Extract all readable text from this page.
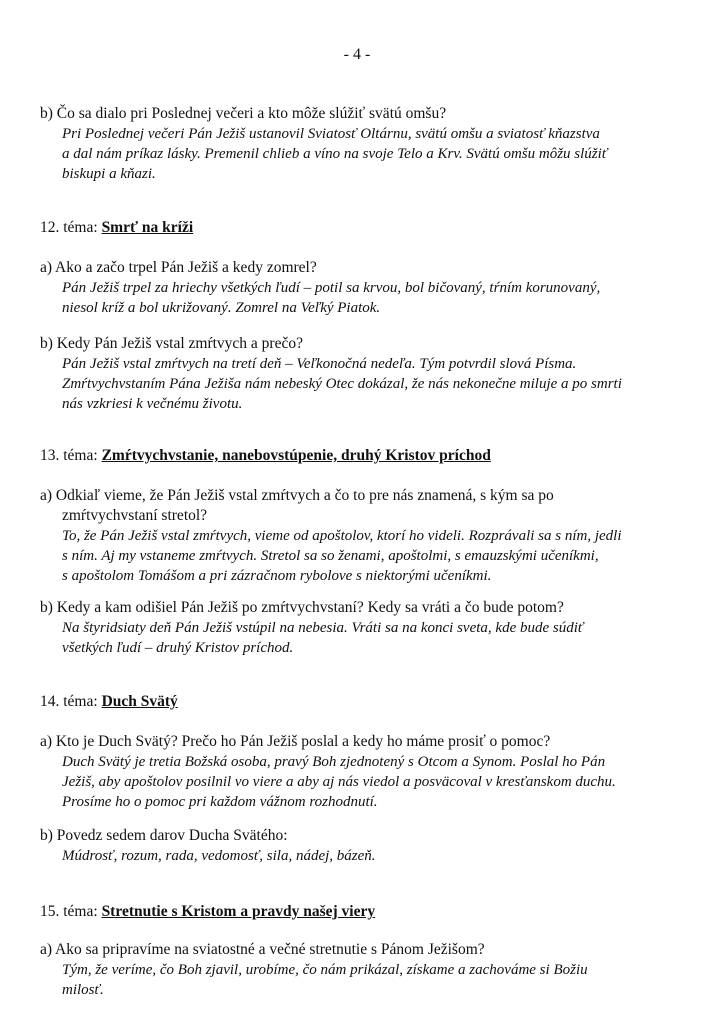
- 4 -
b) Čo sa dialo pri Poslednej večeri a kto môže slúžiť svätú omšu?
Pri Poslednej večeri Pán Ježiš ustanovil Sviatosť Oltárnu, svätú omšu a sviatosť kňazstva
a dal nám príkaz lásky. Premenil chlieb a víno na svoje Telo a Krv. Svätú omšu môžu slúžiť
biskupi a kňazi.
12. téma: Smrť na kríži
a) Ako a začo trpel Pán Ježiš a kedy zomrel?
Pán Ježiš trpel za hriechy všetkých ľudí – potil sa krvou, bol bičovaný, tŕním korunovaný,
niesol kríž a bol ukrižovaný. Zomrel na Veľký Piatok.
b) Kedy Pán Ježiš vstal zmŕtvych a prečo?
Pán Ježiš vstal zmŕtvych na tretí deň – Veľkonočná nedeľa. Tým potvrdil slová Písma.
Zmŕtvychvstaním Pána Ježiša nám nebeský Otec dokázal, že nás nekonečne miluje a po smrti
nás vzkriesi k večnému životu.
13. téma: Zmŕtvychvstanie, nanebovstúpenie, druhý Kristov príchod
a) Odkiaľ vieme, že Pán Ježiš vstal zmŕtvych a čo to pre nás znamená, s kým sa po
zmŕtvychvstaní stretol?
To, že Pán Ježiš vstal zmŕtvych, vieme od apoštolov, ktorí ho videli. Rozprávali sa s ním, jedli
s ním. Aj my vstaneme zmŕtvych. Stretol sa so ženami, apoštolmi, s emauzskými učeníkmi,
s apoštolom Tomášom a pri zázračnom rybolove s niektorými učeníkmi.
b) Kedy a kam odišiel Pán Ježiš po zmŕtvychvstaní? Kedy sa vráti a čo bude potom?
Na štyridsiaty deň Pán Ježiš vstúpil na nebesia. Vráti sa na konci sveta, kde bude súdiť
všetkých ľudí – druhý Kristov príchod.
14. téma: Duch Svätý
a) Kto je Duch Svätý? Prečo ho Pán Ježiš poslal a kedy ho máme prosiť o pomoc?
Duch Svätý je tretia Božská osoba, pravý Boh zjednotený s Otcom a Synom. Poslal ho Pán
Ježiš, aby apoštolov posilnil vo viere a aby aj nás viedol a posväcoval v kresťanskom duchu.
Prosíme ho o pomoc pri každom vážnom rozhodnutí.
b) Povedz sedem darov Ducha Svätého:
Múdrosť, rozum, rada, vedomosť, sila, nádej, bázeň.
15. téma: Stretnutie s Kristom a pravdy našej viery
a) Ako sa pripravíme na sviatostné a večné stretnutie s Pánom Ježišom?
Tým, že veríme, čo Boh zjavil, urobíme, čo nám prikázal, získame a zachováme si Božiu
milosť.
